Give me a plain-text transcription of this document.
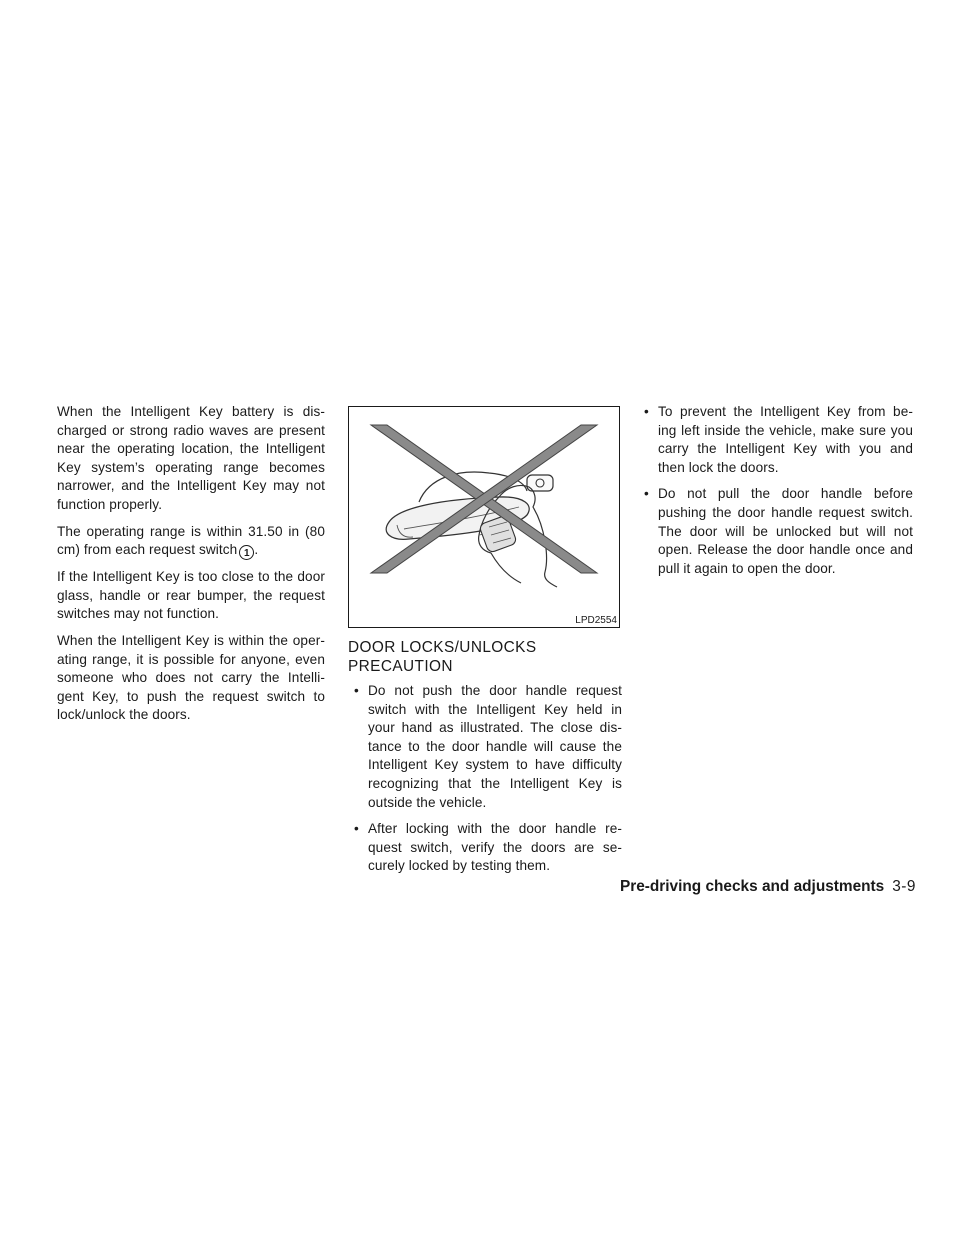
When the Intelligent Key battery is dis- charged or strong radio waves are present near the operating location, the Intelligent Key system’s operating range becomes narrower, and the Intelligent Key may not function properly.

The operating range is within 31.50 in (80 cm) from each request switch 1 .

If the Intelligent Key is too close to the door glass, handle or rear bumper, the request switches may not function.

When the Intelligent Key is within the oper- ating range, it is possible for anyone, even someone who does not carry the Intelli- gent Key, to push the request switch to lock/unlock the doors.

LPD2554
DOOR LOCKS/UNLOCKS
PRECAUTION
• Do not push the door handle request switch with the Intelligent Key held in your hand as illustrated. The close dis- tance to the door handle will cause the Intelligent Key system to have difficulty recognizing that the Intelligent Key is outside the vehicle.
• After locking with the door handle re- quest switch, verify the doors are se- curely locked by testing them.
• To prevent the Intelligent Key from be- ing left inside the vehicle, make sure you carry the Intelligent Key with you and then lock the doors.
• Do not pull the door handle before pushing the door handle request switch. The door will be unlocked but will not open. Release the door handle once and pull it again to open the door.
Pre-driving checks and adjustments 3-9
